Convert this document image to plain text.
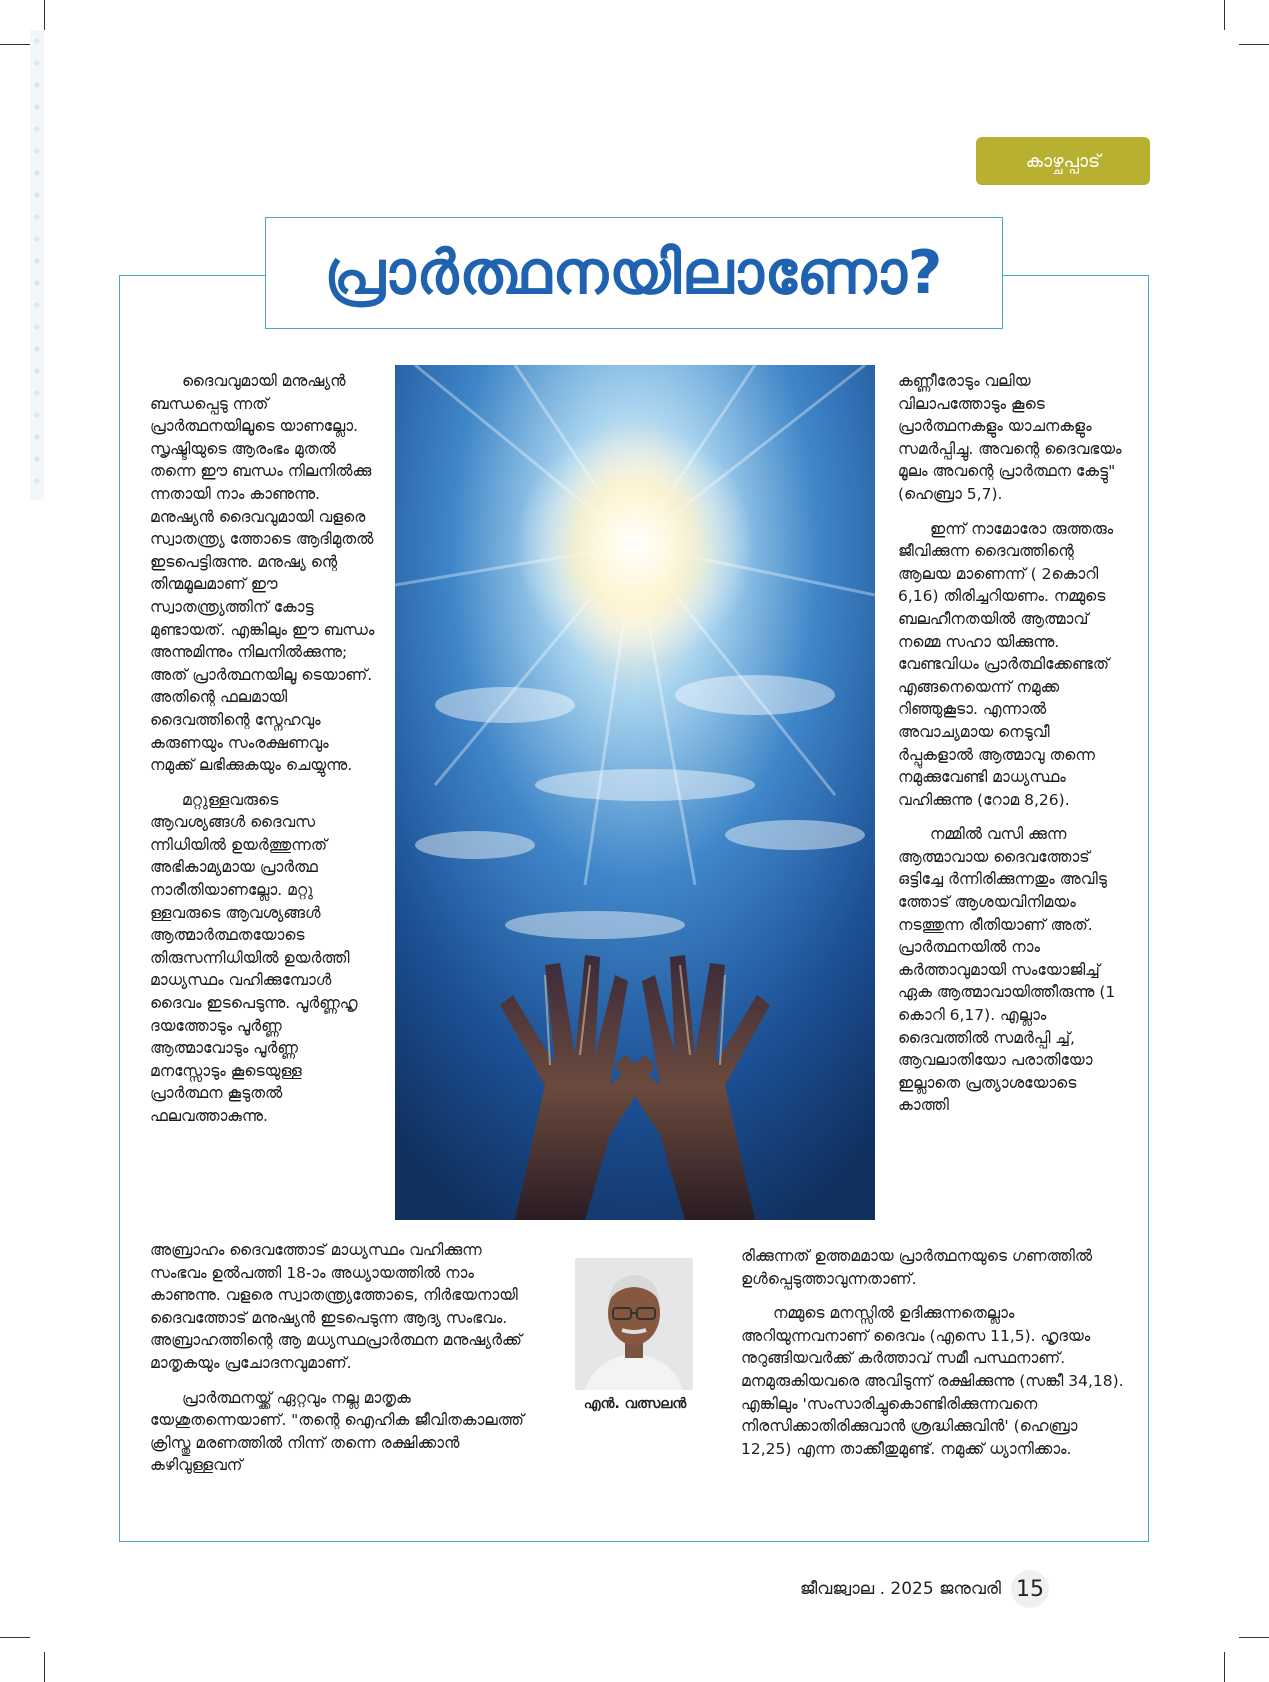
കാഴ്ചപ്പാട്
പ്രാർത്ഥനയിലാണോ?

ദൈവവുമായി മനുഷ്യൻ ബന്ധപ്പെടു ന്നത് പ്രാർത്ഥനയിലൂടെ യാണല്ലോ. സൃഷ്ടിയുടെ ആരംഭം മുതൽ തന്നെ ഈ ബന്ധം നിലനിൽക്കു ന്നതായി നാം കാണുന്നു. മനുഷ്യൻ ദൈവവുമായി വളരെ സ്വാതന്ത്ര്യ ത്തോടെ ആദിമുതൽ ഇടപെട്ടിരുന്നു. മനുഷ്യ ന്റെ തിന്മമൂലമാണ് ഈ സ്വാതന്ത്ര്യത്തിന് കോട്ട മുണ്ടായത്. എങ്കിലും ഈ ബന്ധം അന്നുമിന്നും നിലനിൽക്കുന്നു; അത് പ്രാർത്ഥനയിലൂ ടെയാണ്. അതിന്റെ ഫലമായി ദൈവത്തിന്റെ സ്നേഹവും കരുണയും സംരക്ഷണവും നമുക്ക് ലഭിക്കുകയും ചെയ്യുന്നു.

മറ്റുള്ളവരുടെ ആവശ്യങ്ങൾ ദൈവസ ന്നിധിയിൽ ഉയർത്തുന്നത് അഭികാമ്യമായ പ്രാർത്ഥ നാരീതിയാണല്ലോ. മറ്റു ള്ളവരുടെ ആവശ്യങ്ങൾ ആത്മാർത്ഥതയോടെ തിരുസന്നിധിയിൽ ഉയർത്തി മാധ്യസ്ഥം വഹിക്കുമ്പോൾ ദൈവം ഇടപെടുന്നു. പൂർണ്ണഹൃ ദയത്തോടും പൂർണ്ണ ആത്മാവോടും പൂർണ്ണ മനസ്സോടും കൂടെയുള്ള പ്രാർത്ഥന കൂടുതൽ ഫലവത്താകുന്നു.

അബ്രാഹം ദൈവത്തോട് മാധ്യസ്ഥം വഹിക്കുന്ന സംഭവം ഉൽപത്തി 18-ാം അധ്യായത്തിൽ നാം കാണുന്നു. വളരെ സ്വാതന്ത്ര്യത്തോടെ, നിർഭയനായി ദൈവത്തോട് മനുഷ്യൻ ഇടപെടുന്ന ആദ്യ സംഭവം. അബ്രാഹത്തിന്റെ ആ മധ്യസ്ഥപ്രാർത്ഥന മനുഷ്യർക്ക് മാതൃകയും പ്രചോദനവുമാണ്.

പ്രാർത്ഥനയ്ക്ക് ഏറ്റവും നല്ല മാതൃക യേശുതന്നെയാണ്. "തന്റെ ഐഹിക ജീവിതകാലത്ത് ക്രിസ്തു മരണത്തിൽ നിന്ന് തന്നെ രക്ഷിക്കാൻ കഴിവുള്ളവന്

കണ്ണീരോടും വലിയ വിലാപത്തോടും കൂടെ പ്രാർത്ഥനകളും യാചനകളും സമർപ്പിച്ചു. അവന്റെ ദൈവഭയം മൂലം അവന്റെ പ്രാർത്ഥന കേട്ടു" (ഹെബ്രാ 5,7).

ഇന്ന് നാമോരോ രുത്തരും ജീവിക്കുന്ന ദൈവത്തിന്റെ ആലയ മാണെന്ന് ( 2കൊറി 6,16) തിരിച്ചറിയണം. നമ്മുടെ ബലഹീനതയിൽ ആത്മാവ് നമ്മെ സഹാ യിക്കുന്നു. വേണ്ടവിധം പ്രാർത്ഥിക്കേണ്ടത് എങ്ങനെയെന്ന് നമുക്ക റിഞ്ഞുകൂടാ. എന്നാൽ അവാച്യമായ നെടുവീ ർപ്പുകളാൽ ആത്മാവു തന്നെ നമുക്കുവേണ്ടി മാധ്യസ്ഥം വഹിക്കുന്നു (റോമ 8,26).

നമ്മിൽ വസി ക്കുന്ന ആത്മാവായ ദൈവത്തോട് ഒട്ടിച്ചേ ർന്നിരിക്കുന്നതും അവിടു ത്തോട് ആശയവിനിമയം നടത്തുന്ന രീതിയാണ് അത്. പ്രാർത്ഥനയിൽ നാം കർത്താവുമായി സംയോജിച്ച് ഏക ആത്മാവായിത്തീരുന്നു (1 കൊറി 6,17). എല്ലാം ദൈവത്തിൽ സമർപ്പി ച്ച്, ആവലാതിയോ പരാതിയോ ഇല്ലാതെ പ്രത്യാശയോടെ കാത്തി

രിക്കുന്നത് ഉത്തമമായ പ്രാർത്ഥനയുടെ ഗണത്തിൽ ഉൾപ്പെടുത്താവുന്നതാണ്.

നമ്മുടെ മനസ്സിൽ ഉദിക്കുന്നതെല്ലാം അറിയുന്നവനാണ് ദൈവം (എസെ 11,5). ഹൃദയം നുറുങ്ങിയവർക്ക് കർത്താവ് സമീ പസ്ഥനാണ്. മനമുരുകിയവരെ അവിടുന്ന് രക്ഷിക്കുന്നു (സങ്കീ 34,18). എങ്കിലും 'സംസാരിച്ചുകൊണ്ടിരിക്കുന്നവനെ നിരസിക്കാതിരിക്കുവാൻ ശ്രദ്ധിക്കുവിൻ' (ഹെബ്രാ 12,25) എന്ന താക്കീതുമുണ്ട്. നമുക്ക് ധ്യാനിക്കാം.

എൻ. വത്സലൻ
ജീവജ്വാല . 2025 ജനുവരി 15
